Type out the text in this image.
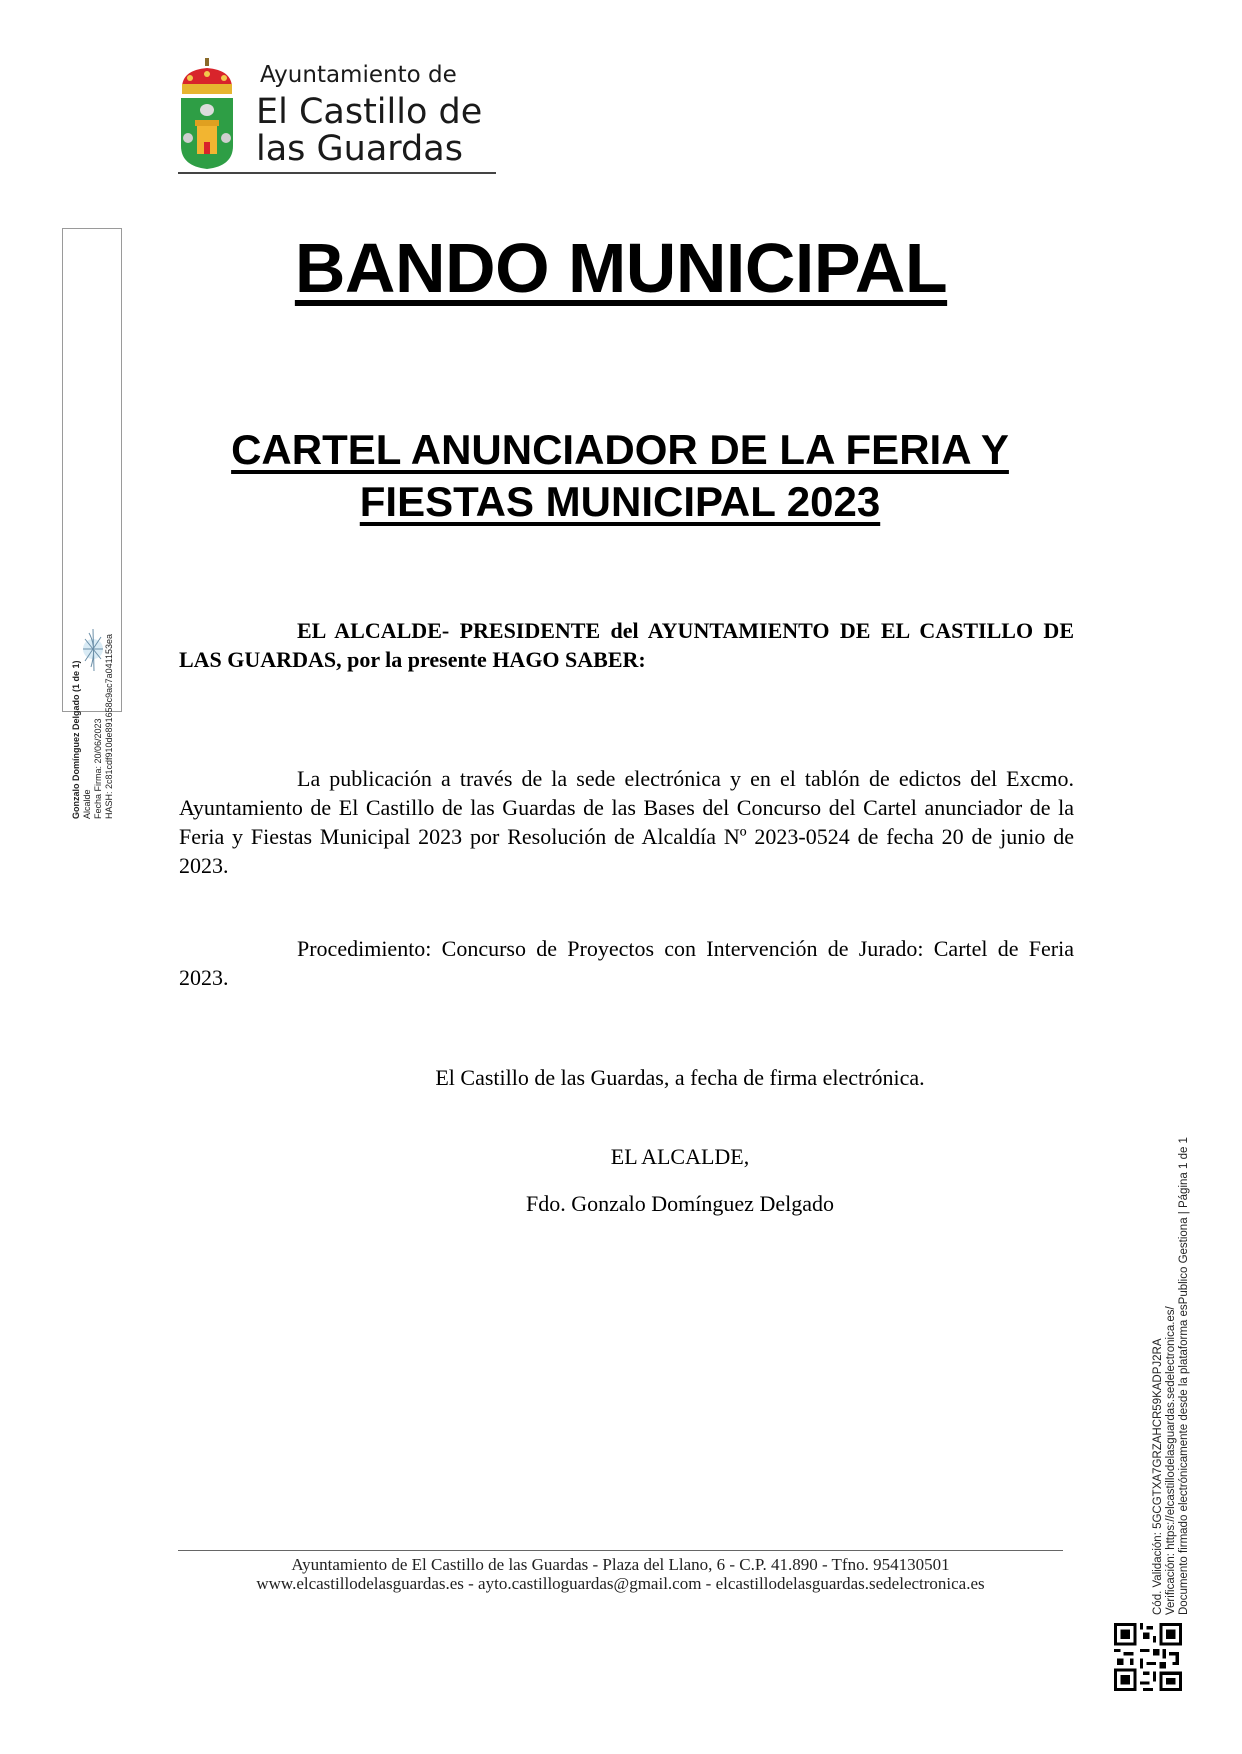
Ayuntamiento de
El Castillo de
las Guardas
Gonzalo Domínguez Delgado (1 de 1) Alcalde Fecha Firma: 20/06/2023 HASH: 2c81cdf910de891658c9ac7a041153ea
BANDO MUNICIPAL
CARTEL ANUNCIADOR DE LA FERIA Y
FIESTAS MUNICIPAL 2023
EL ALCALDE- PRESIDENTE del AYUNTAMIENTO DE EL CASTILLO DE LAS GUARDAS, por la presente HAGO SABER:
La publicación a través de la sede electrónica y en el tablón de edictos del Excmo. Ayuntamiento de El Castillo de las Guardas de las Bases del Concurso del Cartel anunciador de la Feria y Fiestas Municipal 2023 por Resolución de Alcaldía Nº 2023-0524 de fecha 20 de junio de 2023.
Procedimiento: Concurso de Proyectos con Intervención de Jurado: Cartel de Feria 2023.
El Castillo de las Guardas, a fecha de firma electrónica.
EL ALCALDE,
Fdo. Gonzalo Domínguez Delgado
Ayuntamiento de El Castillo de las Guardas - Plaza del Llano, 6 - C.P. 41.890 - Tfno. 954130501
www.elcastillodelasguardas.es - ayto.castilloguardas@gmail.com - elcastillodelasguardas.sedelectronica.es	Cód. Validación: 5GCGTXA7GRZAHCR59KADPJ2RA Verificación: https://elcastillodelasguardas.sedelectronica.es/ Documento firmado electrónicamente desde la plataforma esPublico Gestiona | Página 1 de 1
